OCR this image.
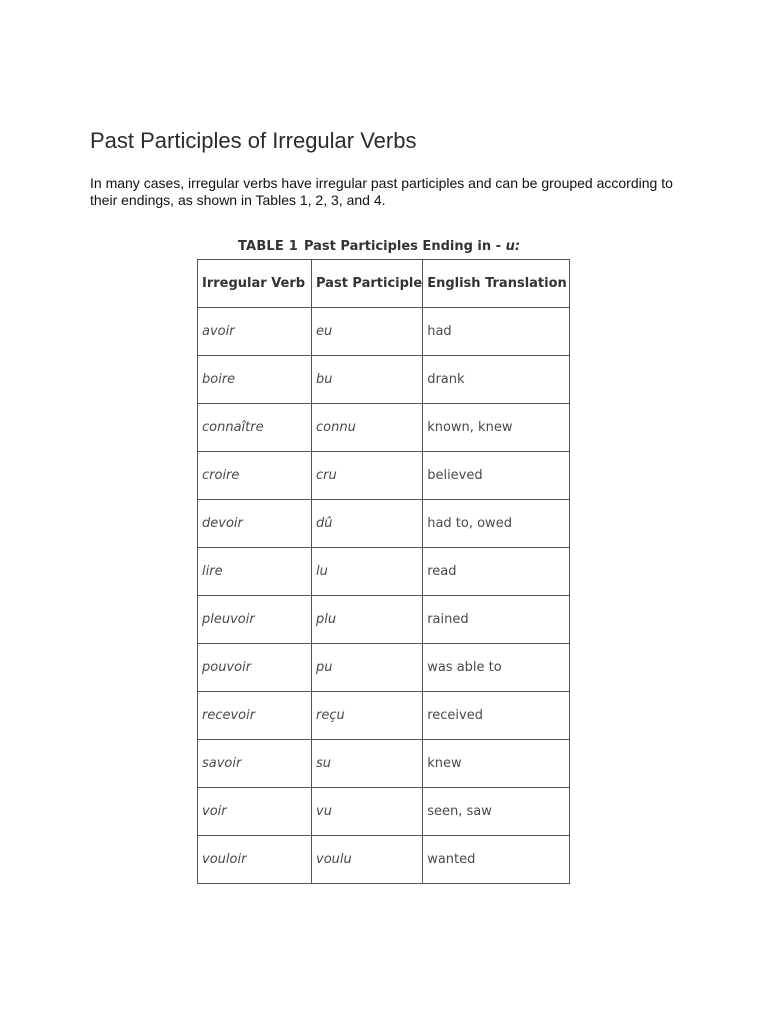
Past Participles of Irregular Verbs

In many cases, irregular verbs have irregular past participles and can be grouped according to their endings, as shown in Tables 1, 2, 3, and 4.

TABLE 1 Past Participles Ending in - u:
Irregular Verb	Past Participle	English Translation
avoir	eu	had
boire	bu	drank
connaître	connu	known, knew
croire	cru	believed
devoir	dû	had to, owed
lire	lu	read
pleuvoir	plu	rained
pouvoir	pu	was able to
recevoir	reçu	received
savoir	su	knew
voir	vu	seen, saw
vouloir	voulu	wanted
